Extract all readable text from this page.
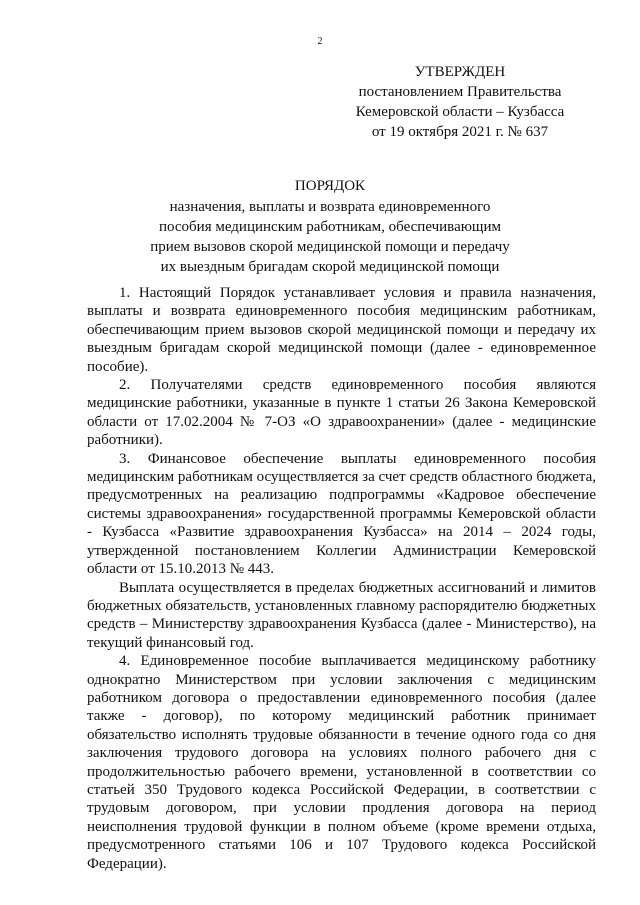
2
УТВЕРЖДЕН
постановлением Правительства
Кемеровской области – Кузбасса
от 19 октября 2021 г. № 637
ПОРЯДОК
назначения, выплаты и возврата единовременного
пособия медицинским работникам, обеспечивающим
прием вызовов скорой медицинской помощи и передачу
их выездным бригадам скорой медицинской помощи

1. Настоящий Порядок устанавливает условия и правила назначения, выплаты и возврата единовременного пособия медицинским работникам, обеспечивающим прием вызовов скорой медицинской помощи и передачу их выездным бригадам скорой медицинской помощи (далее - единовременное пособие).

2. Получателями средств единовременного пособия являются медицинские работники, указанные в пункте 1 статьи 26 Закона Кемеровской области от 17.02.2004 № 7-ОЗ «О здравоохранении» (далее - медицинские работники).

3. Финансовое обеспечение выплаты единовременного пособия медицинским работникам осуществляется за счет средств областного бюджета, предусмотренных на реализацию подпрограммы «Кадровое обеспечение системы здравоохранения» государственной программы Кемеровской области - Кузбасса «Развитие здравоохранения Кузбасса» на 2014 – 2024 годы, утвержденной постановлением Коллегии Администрации Кемеровской области от 15.10.2013 № 443.

Выплата осуществляется в пределах бюджетных ассигнований и лимитов бюджетных обязательств, установленных главному распорядителю бюджетных средств – Министерству здравоохранения Кузбасса (далее - Министерство), на текущий финансовый год.

4. Единовременное пособие выплачивается медицинскому работнику однократно Министерством при условии заключения с медицинским работником договора о предоставлении единовременного пособия (далее также - договор), по которому медицинский работник принимает обязательство исполнять трудовые обязанности в течение одного года со дня заключения трудового договора на условиях полного рабочего дня с продолжительностью рабочего времени, установленной в соответствии со статьей 350 Трудового кодекса Российской Федерации, в соответствии с трудовым договором, при условии продления договора на период неисполнения трудовой функции в полном объеме (кроме времени отдыха, предусмотренного статьями 106 и 107 Трудового кодекса Российской Федерации).
